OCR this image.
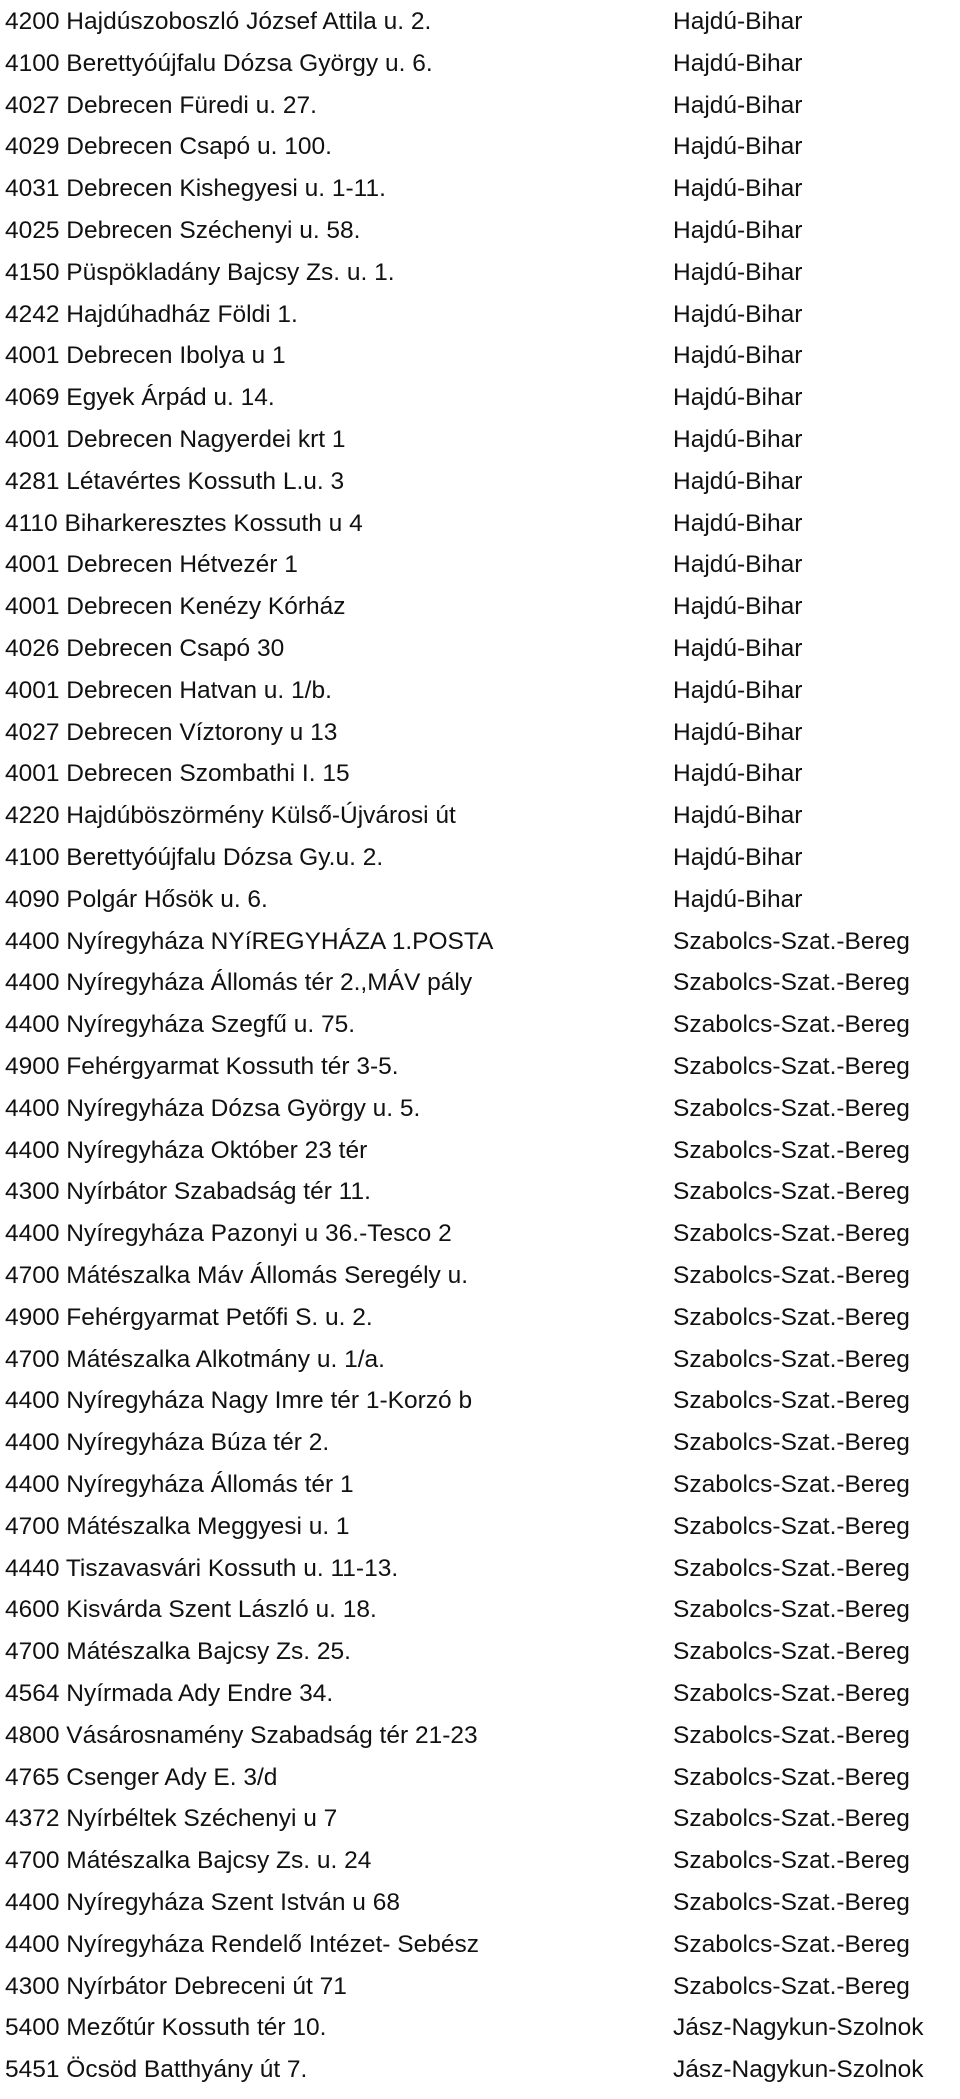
4200 Hajdúszoboszló József Attila u. 2.	Hajdú-Bihar
4100 Berettyóújfalu Dózsa György u. 6.	Hajdú-Bihar
4027 Debrecen Füredi u. 27.	Hajdú-Bihar
4029 Debrecen Csapó u. 100.	Hajdú-Bihar
4031 Debrecen Kishegyesi u. 1-11.	Hajdú-Bihar
4025 Debrecen Széchenyi u. 58.	Hajdú-Bihar
4150 Püspökladány Bajcsy Zs. u. 1.	Hajdú-Bihar
4242 Hajdúhadház Földi 1.	Hajdú-Bihar
4001 Debrecen Ibolya u 1	Hajdú-Bihar
4069 Egyek Árpád u. 14.	Hajdú-Bihar
4001 Debrecen Nagyerdei krt 1	Hajdú-Bihar
4281 Létavértes Kossuth L.u. 3	Hajdú-Bihar
4110 Biharkeresztes Kossuth u 4	Hajdú-Bihar
4001 Debrecen Hétvezér 1	Hajdú-Bihar
4001 Debrecen Kenézy Kórház	Hajdú-Bihar
4026 Debrecen Csapó 30	Hajdú-Bihar
4001 Debrecen Hatvan u. 1/b.	Hajdú-Bihar
4027 Debrecen Víztorony u 13	Hajdú-Bihar
4001 Debrecen Szombathi I. 15	Hajdú-Bihar
4220 Hajdúböszörmény Külső-Újvárosi út	Hajdú-Bihar
4100 Berettyóújfalu Dózsa Gy.u. 2.	Hajdú-Bihar
4090 Polgár Hősök u. 6.	Hajdú-Bihar
4400 Nyíregyháza NYíREGYHÁZA 1.POSTA	Szabolcs-Szat.-Bereg
4400 Nyíregyháza Állomás tér 2.,MÁV pály	Szabolcs-Szat.-Bereg
4400 Nyíregyháza Szegfű u. 75.	Szabolcs-Szat.-Bereg
4900 Fehérgyarmat Kossuth tér 3-5.	Szabolcs-Szat.-Bereg
4400 Nyíregyháza Dózsa György u. 5.	Szabolcs-Szat.-Bereg
4400 Nyíregyháza Október 23 tér	Szabolcs-Szat.-Bereg
4300 Nyírbátor Szabadság tér 11.	Szabolcs-Szat.-Bereg
4400 Nyíregyháza Pazonyi u 36.-Tesco 2	Szabolcs-Szat.-Bereg
4700 Mátészalka Máv Állomás Seregély u.	Szabolcs-Szat.-Bereg
4900 Fehérgyarmat Petőfi S. u. 2.	Szabolcs-Szat.-Bereg
4700 Mátészalka Alkotmány u. 1/a.	Szabolcs-Szat.-Bereg
4400 Nyíregyháza Nagy Imre tér 1-Korzó b	Szabolcs-Szat.-Bereg
4400 Nyíregyháza Búza tér 2.	Szabolcs-Szat.-Bereg
4400 Nyíregyháza Állomás tér 1	Szabolcs-Szat.-Bereg
4700 Mátészalka Meggyesi u. 1	Szabolcs-Szat.-Bereg
4440 Tiszavasvári Kossuth u. 11-13.	Szabolcs-Szat.-Bereg
4600 Kisvárda Szent László u. 18.	Szabolcs-Szat.-Bereg
4700 Mátészalka Bajcsy Zs. 25.	Szabolcs-Szat.-Bereg
4564 Nyírmada Ady Endre 34.	Szabolcs-Szat.-Bereg
4800 Vásárosnamény Szabadság tér 21-23	Szabolcs-Szat.-Bereg
4765 Csenger Ady E. 3/d	Szabolcs-Szat.-Bereg
4372 Nyírbéltek Széchenyi u 7	Szabolcs-Szat.-Bereg
4700 Mátészalka Bajcsy Zs. u. 24	Szabolcs-Szat.-Bereg
4400 Nyíregyháza Szent István u 68	Szabolcs-Szat.-Bereg
4400 Nyíregyháza Rendelő Intézet- Sebész	Szabolcs-Szat.-Bereg
4300 Nyírbátor Debreceni út 71	Szabolcs-Szat.-Bereg
5400 Mezőtúr Kossuth tér 10.	Jász-Nagykun-Szolnok
5451 Öcsöd Batthyány út 7.	Jász-Nagykun-Szolnok
